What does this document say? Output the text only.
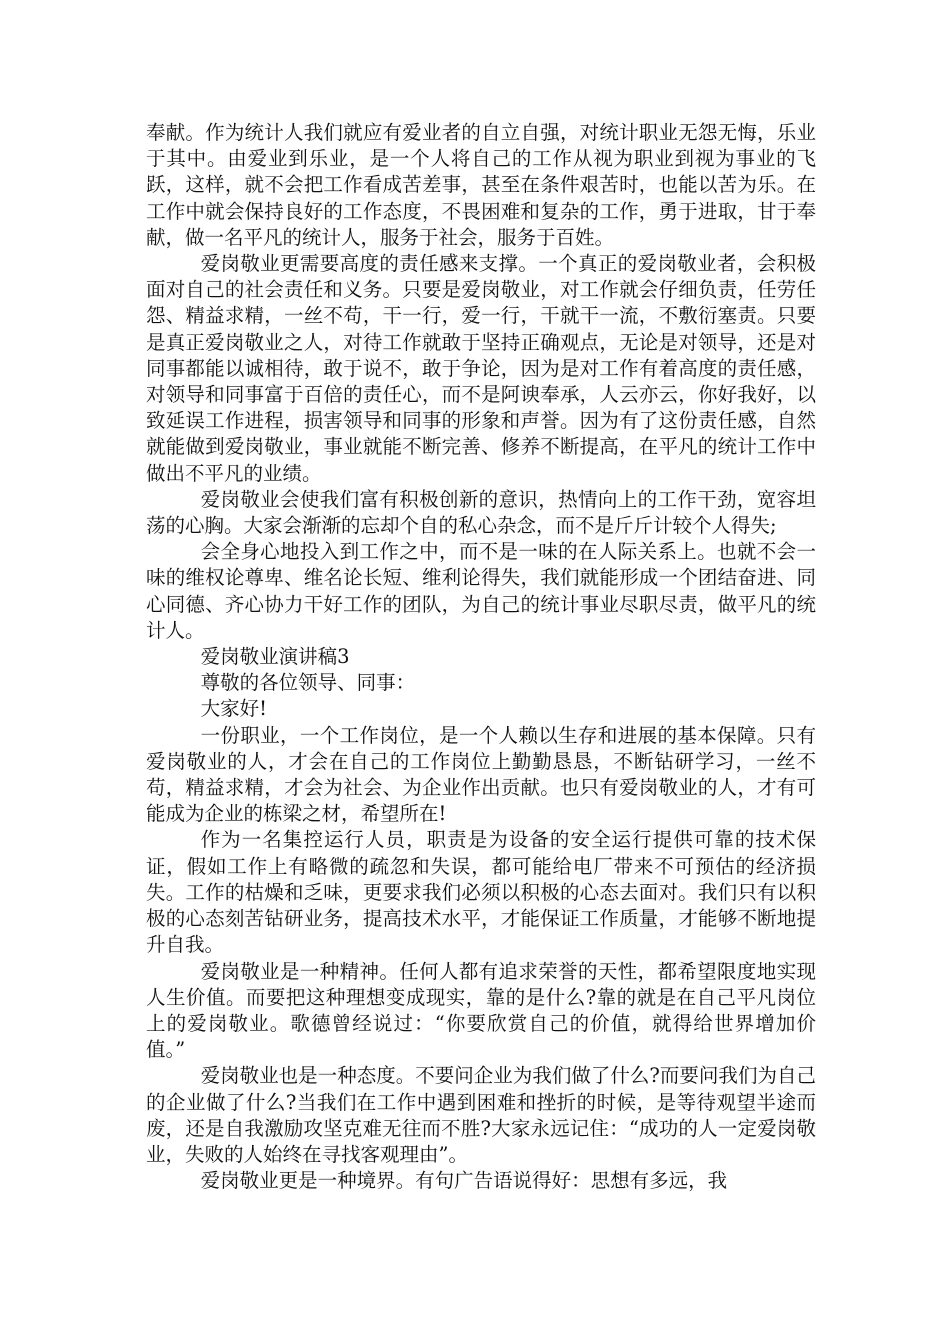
奉献。作为统计人我们就应有爱业者的自立自强，对统计职业无怨无悔，乐业于其中。由爱业到乐业，是一个人将自己的工作从视为职业到视为事业的飞跃，这样，就不会把工作看成苦差事，甚至在条件艰苦时，也能以苦为乐。在工作中就会保持良好的工作态度，不畏困难和复杂的工作，勇于进取，甘于奉献，做一名平凡的统计人，服务于社会，服务于百姓。

爱岗敬业更需要高度的责任感来支撑。一个真正的爱岗敬业者，会积极面对自己的社会责任和义务。只要是爱岗敬业，对工作就会仔细负责，任劳任怨、精益求精，一丝不苟，干一行，爱一行，干就干一流，不敷衍塞责。只要是真正爱岗敬业之人，对待工作就敢于坚持正确观点，无论是对领导，还是对同事都能以诚相待，敢于说不，敢于争论，因为是对工作有着高度的责任感，对领导和同事富于百倍的责任心，而不是阿谀奉承，人云亦云，你好我好，以致延误工作进程，损害领导和同事的形象和声誉。因为有了这份责任感，自然就能做到爱岗敬业，事业就能不断完善、修养不断提高，在平凡的统计工作中做出不平凡的业绩。

爱岗敬业会使我们富有积极创新的意识，热情向上的工作干劲，宽容坦荡的心胸。大家会渐渐的忘却个自的私心杂念，而不是斤斤计较个人得失;

会全身心地投入到工作之中，而不是一味的在人际关系上。也就不会一味的维权论尊卑、维名论长短、维利论得失，我们就能形成一个团结奋进、同心同德、齐心协力干好工作的团队，为自己的统计事业尽职尽责，做平凡的统计人。

爱岗敬业演讲稿3

尊敬的各位领导、同事：

大家好!

一份职业，一个工作岗位，是一个人赖以生存和进展的基本保障。只有爱岗敬业的人，才会在自己的工作岗位上勤勤恳恳，不断钻研学习，一丝不苟，精益求精，才会为社会、为企业作出贡献。也只有爱岗敬业的人，才有可能成为企业的栋梁之材，希望所在!

作为一名集控运行人员，职责是为设备的安全运行提供可靠的技术保证，假如工作上有略微的疏忽和失误，都可能给电厂带来不可预估的经济损失。工作的枯燥和乏味，更要求我们必须以积极的心态去面对。我们只有以积极的心态刻苦钻研业务，提高技术水平，才能保证工作质量，才能够不断地提升自我。

爱岗敬业是一种精神。任何人都有追求荣誉的天性，都希望限度地实现人生价值。而要把这种理想变成现实，靠的是什么?靠的就是在自己平凡岗位上的爱岗敬业。歌德曾经说过：“你要欣赏自己的价值，就得给世界增加价值。”

爱岗敬业也是一种态度。不要问企业为我们做了什么?而要问我们为自己的企业做了什么?当我们在工作中遇到困难和挫折的时候，是等待观望半途而废，还是自我激励攻坚克难无往而不胜?大家永远记住：“成功的人一定爱岗敬业，失败的人始终在寻找客观理由”。

爱岗敬业更是一种境界。有句广告语说得好：思想有多远，我
